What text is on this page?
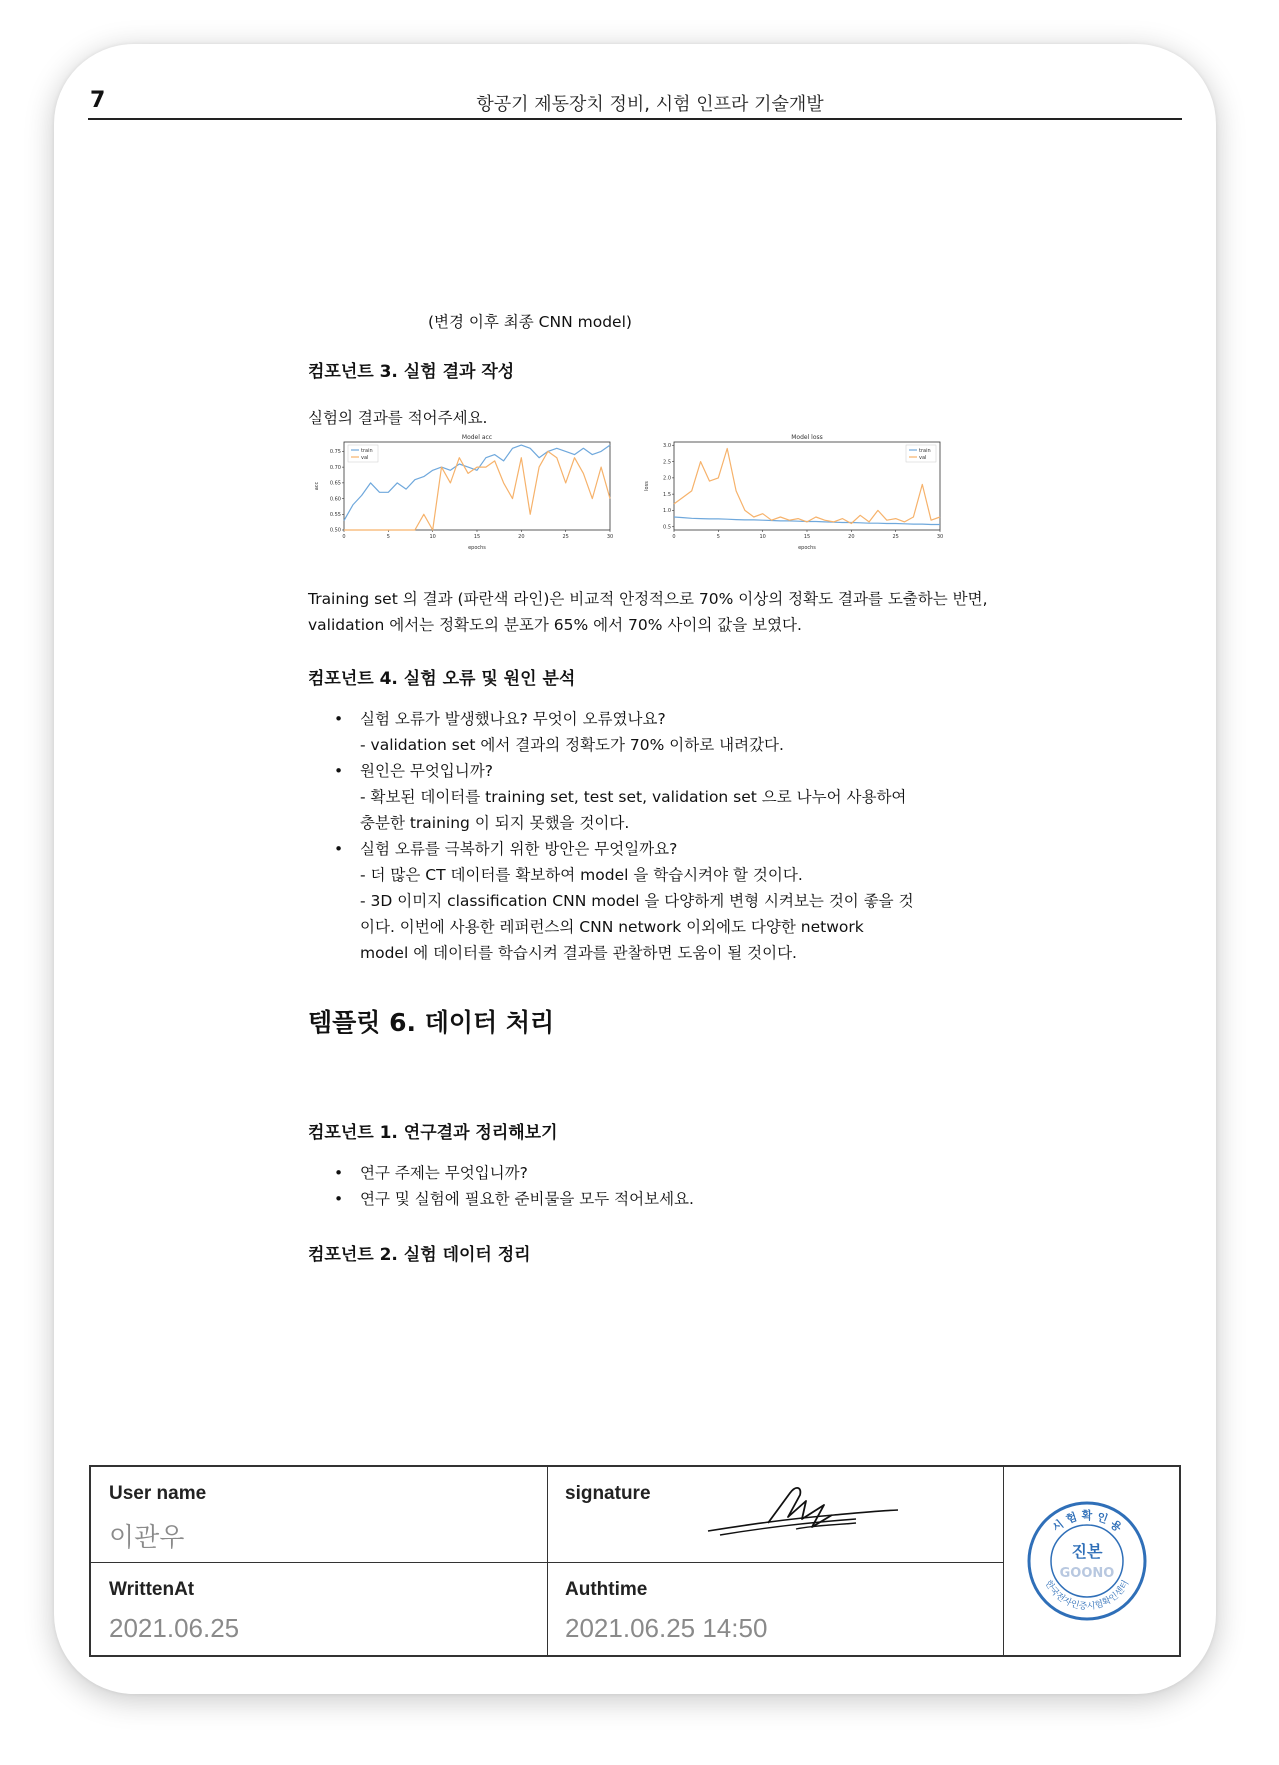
7	항공기 제동장치 정비, 시험 인프라 기술개발
(변경 이후 최종 CNN model)
컴포넌트 3. 실험 결과 작성
실험의 결과를 적어주세요.
Model acc
0	5	10	15	20	25	30
0.50
0.55
0.60
0.65
0.70
0.75
epochs
acc
train
val
Model loss
0	5	10	15	20	25	30
0.5
1.0
1.5
2.0
2.5
3.0
epochs
loss
train
val
Training set 의 결과 (파란색 라인)은 비교적 안정적으로 70% 이상의 정확도 결과를 도출하는 반면, validation 에서는 정확도의 분포가 65% 에서 70% 사이의 값을 보였다.
컴포넌트 4. 실험 오류 및 원인 분석
• 실험 오류가 발생했나요? 무엇이 오류였나요?
- validation set 에서 결과의 정확도가 70% 이하로 내려갔다.
• 원인은 무엇입니까?
- 확보된 데이터를 training set, test set, validation set 으로 나누어 사용하여
충분한 training 이 되지 못했을 것이다.
• 실험 오류를 극복하기 위한 방안은 무엇일까요?
- 더 많은 CT 데이터를 확보하여 model 을 학습시켜야 할 것이다.
- 3D 이미지 classification CNN model 을 다양하게 변형 시켜보는 것이 좋을 것
이다. 이번에 사용한 레퍼런스의 CNN network 이외에도 다양한 network
model 에 데이터를 학습시켜 결과를 관찰하면 도움이 될 것이다.
템플릿 6. 데이터 처리
컴포넌트 1. 연구결과 정리해보기
• 연구 주제는 무엇입니까?
• 연구 및 실험에 필요한 준비물을 모두 적어보세요.
컴포넌트 2. 실험 데이터 정리
User name
이관우
signature
WrittenAt
2021.06.25
Authtime
2021.06.25 14:50
시 험 확 인 용
한국전자인증시험확인센터
진본
GOONO
